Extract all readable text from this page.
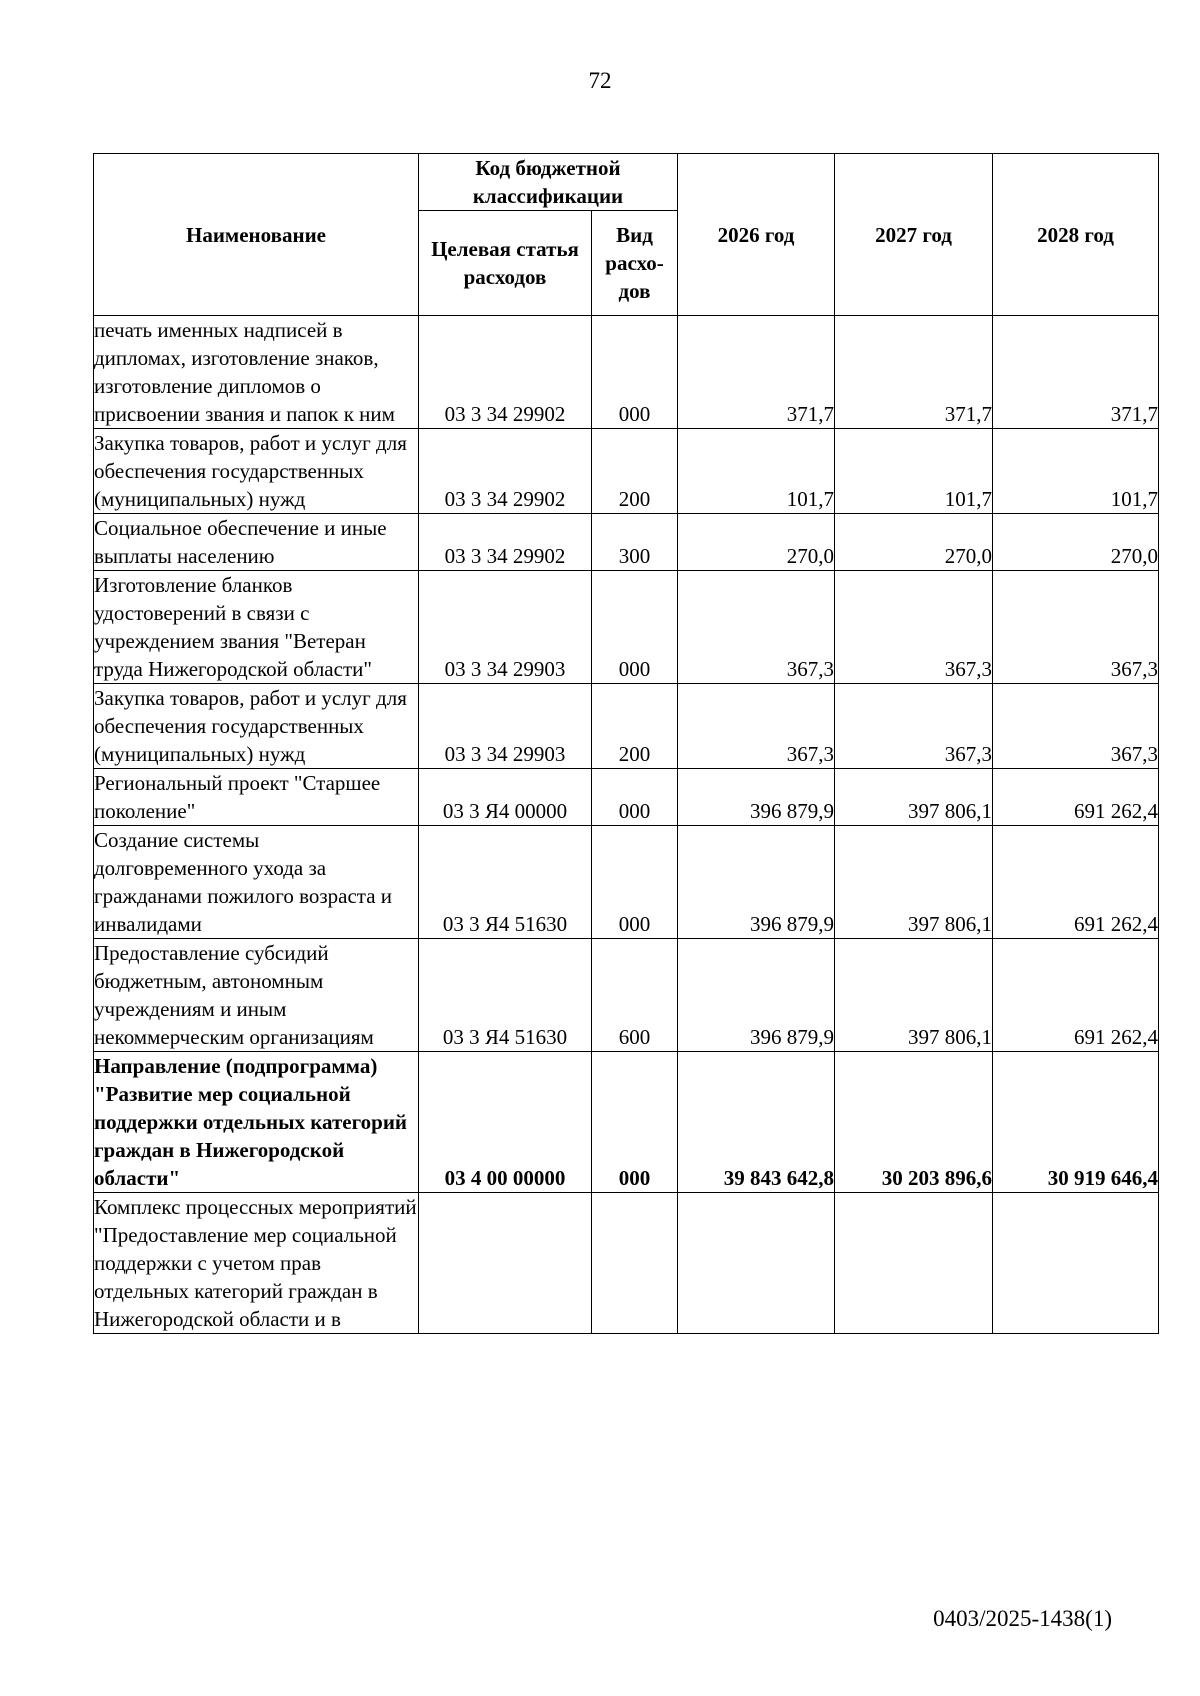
72
Наименование	Код бюджетной классификации		2026 год	2027 год	2028 год
	Целевая статья расходов	Вид расхо-дов			
печать именных надписей в дипломах, изготовление знаков, изготовление дипломов о присвоении звания и папок к ним	03 3 34 29902	000	371,7	371,7	371,7
Закупка товаров, работ и услуг для обеспечения государственных (муниципальных) нужд	03 3 34 29902	200	101,7	101,7	101,7
Социальное обеспечение и иные выплаты населению	03 3 34 29902	300	270,0	270,0	270,0
Изготовление бланков удостоверений в связи с учреждением звания "Ветеран труда Нижегородской области"	03 3 34 29903	000	367,3	367,3	367,3
Закупка товаров, работ и услуг для обеспечения государственных (муниципальных) нужд	03 3 34 29903	200	367,3	367,3	367,3
Региональный проект "Старшее поколение"	03 3 Я4 00000	000	396 879,9	397 806,1	691 262,4
Создание системы долговременного ухода за гражданами пожилого возраста и инвалидами	03 3 Я4 51630	000	396 879,9	397 806,1	691 262,4
Предоставление субсидий бюджетным, автономным учреждениям и иным некоммерческим организациям	03 3 Я4 51630	600	396 879,9	397 806,1	691 262,4
Направление (подпрограмма) "Развитие мер социальной поддержки отдельных категорий граждан в Нижегородской области"	03 4 00 00000	000	39 843 642,8	30 203 896,6	30 919 646,4
Комплекс процессных мероприятий "Предоставление мер социальной поддержки с учетом прав отдельных категорий граждан в Нижегородской области и в					
0403/2025-1438(1)
